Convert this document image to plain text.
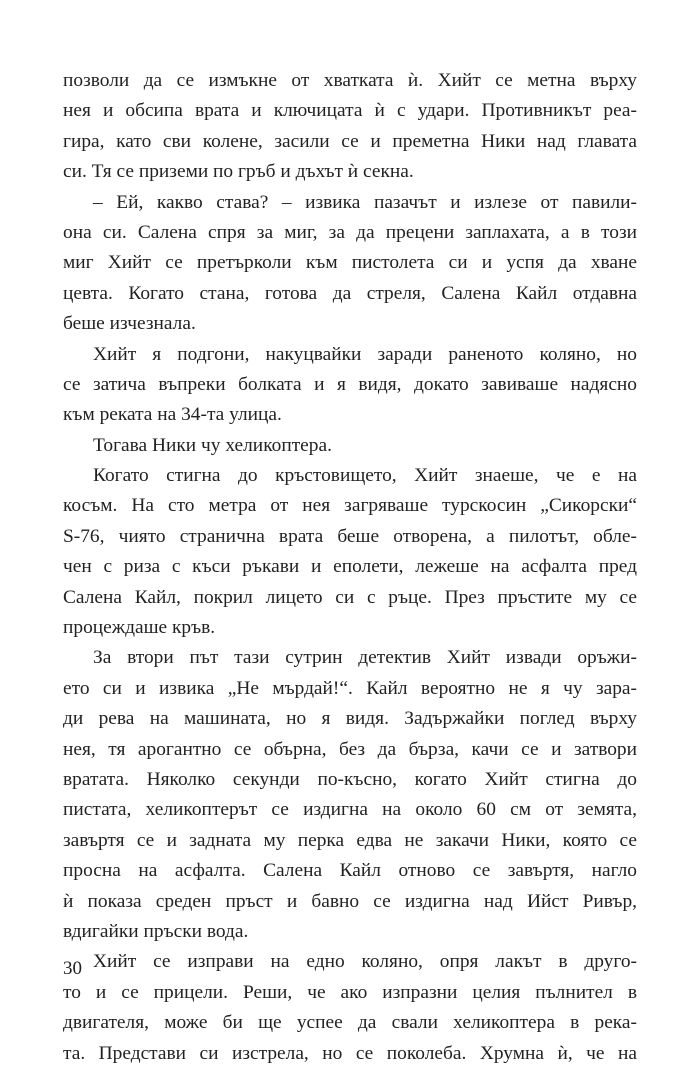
позволи да се измъкне от хватката ѝ. Хийт се метна върху
нея и обсипа врата и ключицата ѝ с удари. Противникът реа-
гира, като сви колене, засили се и преметна Ники над главата
си. Тя се приземи по гръб и дъхът ѝ секна.
– Ей, какво става? – извика пазачът и излезе от павили-
она си. Салена спря за миг, за да прецени заплахата, а в този
миг Хийт се претърколи към пистолета си и успя да хване
цевта. Когато стана, готова да стреля, Салена Кайл отдавна
беше изчезнала.
Хийт я подгони, накуцвайки заради раненото коляно, но
се затича въпреки болката и я видя, докато завиваше надясно
към реката на 34-та улица.
Тогава Ники чу хеликоптера.
Когато стигна до кръстовището, Хийт знаеше, че е на
косъм. На сто метра от нея загряваше турскосин „Сикорски“
S-76, чиято странична врата беше отворена, а пилотът, обле-
чен с риза с къси ръкави и еполети, лежеше на асфалта пред
Салена Кайл, покрил лицето си с ръце. През пръстите му се
процеждаше кръв.
За втори път тази сутрин детектив Хийт извади оръжи-
ето си и извика „Не мърдай!“. Кайл вероятно не я чу зара-
ди рева на машината, но я видя. Задържайки поглед върху
нея, тя арогантно се обърна, без да бърза, качи се и затвори
вратата. Няколко секунди по-късно, когато Хийт стигна до
пистата, хеликоптерът се издигна на около 60 см от земята,
завъртя се и задната му перка едва не закачи Ники, която се
просна на асфалта. Салена Кайл отново се завъртя, нагло
ѝ показа среден пръст и бавно се издигна над Ийст Ривър,
вдигайки пръски вода.
Хийт се изправи на едно коляно, опря лакът в друго-
то и се прицели. Реши, че ако изпразни целия пълнител в
двигателя, може би ще успее да свали хеликоптера в река-
та. Представи си изстрела, но се поколеба. Хрумна ѝ, че на
30
